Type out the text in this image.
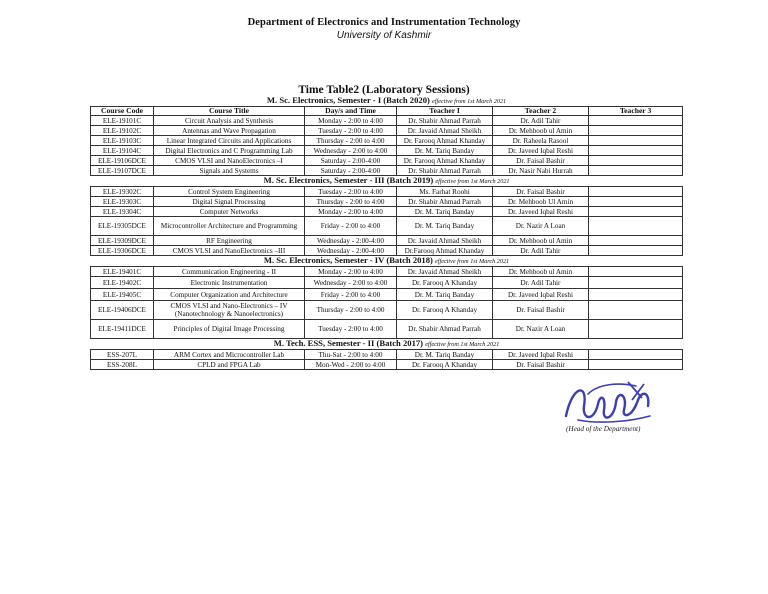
Department of Electronics and Instrumentation Technology
University of Kashmir
Time Table2 (Laboratory Sessions)
M. Sc. Electronics, Semester - I (Batch 2020) effective from 1st March 2021					
Course Code	Course Title	Day/s and Time	Teacher I	Teacher 2	Teacher 3
ELE-19101C	Circuit Analysis and Synthesis	Monday - 2:00 to 4:00	Dr. Shabir Ahmad Parrah	Dr. Adil Tahir	
ELE-19102C	Antennas and Wave Propagation	Tuesday - 2:00 to 4:00	Dr. Javaid Ahmad Sheikh	Dr. Mehboob ul Amin	
ELE-19103C	Linear Integrated Circuits and Applications	Thursday - 2:00 to 4:00	Dr. Farooq Ahmad Khanday	Dr. Raheela Rasool	
ELE-19104C	Digital Electronics and C Programming Lab	Wednesday - 2:00 to 4:00	Dr. M. Tariq Banday	Dr. Javeed Iqbal Reshi	
ELE-19106DCE	CMOS VLSI and NanoElectronics –I	Saturday - 2:00-4:00	Dr. Farooq Ahmad Khanday	Dr. Faisal Bashir	
ELE-19107DCE	Signals and Systems	Saturday - 2:00-4:00	Dr. Shabir Ahmad Parrah	Dr. Nasir Nabi Hurrah	
M. Sc. Electronics, Semester - III (Batch 2019) effective from 1st March 2021					
ELE-19302C	Control System Engineering	Tuesday - 2:00 to 4:00	Ms. Farhat Roohi	Dr. Faisal Bashir	
ELE-19303C	Digital Signal Processing	Thursday - 2:00 to 4:00	Dr. Shabir Ahmad Parrah	Dr. Mehboob Ul Amin	
ELE-19304C	Computer Networks	Monday - 2:00 to 4:00	Dr. M. Tariq Banday	Dr. Javeed Iqbal Reshi	
ELE-19305DCE	Microcontroller Architecture and Programming	Friday - 2:00 to 4:00	Dr. M. Tariq Banday	Dr. Nazir A Loan	
ELE-19309DCE	RF Engineering	Wednesday - 2:00-4:00	Dr. Javaid Ahmad Sheikh	Dr. Mehboob ul Amin	
ELE-19306DCE	CMOS VLSI and NanoElectronics –III	Wednesday - 2:00-4:00	Dr.Farooq Ahmad Khanday	Dr. Adil Tahir	
M. Sc. Electronics, Semester - IV (Batch 2018) effective from 1st March 2021					
ELE-19401C	Communication Engineering - II	Monday - 2:00 to 4:00	Dr. Javaid Ahmad Sheikh	Dr. Mehboob ul Amin	
ELE-19402C	Electronic Instrumentation	Wednesday - 2:00 to 4:00	Dr. Farooq A Khanday	Dr. Adil Tahir	
ELE-19405C	Computer Organization and Architecture	Friday - 2:00 to 4:00	Dr. M. Tariq Banday	Dr. Javeed Iqbal Reshi	
ELE-19406DCE	CMOS VLSI and Nano-Electronics – IV (Nanotechnology & Nanoelectronics)	Thursday - 2:00 to 4:00	Dr. Farooq A Khanday	Dr. Faisal Bashir	
ELE-19411DCE	Principles of Digital Image Processing	Tuesday - 2:00 to 4:00	Dr. Shabir Ahmad Parrah	Dr. Nazir A Loan	
M. Tech. ESS, Semester - II (Batch 2017) effective from 1st March 2021					
ESS-207L	ARM Cortex and Microcontroller Lab	Thu-Sat - 2:00 to 4:00	Dr. M. Tariq Banday	Dr. Javeed Iqbal Reshi	
ESS-208L	CPLD and FPGA Lab	Mon-Wed - 2:00 to 4:00	Dr. Farooq A Khanday	Dr. Faisal Bashir	
(Head of the Department)
